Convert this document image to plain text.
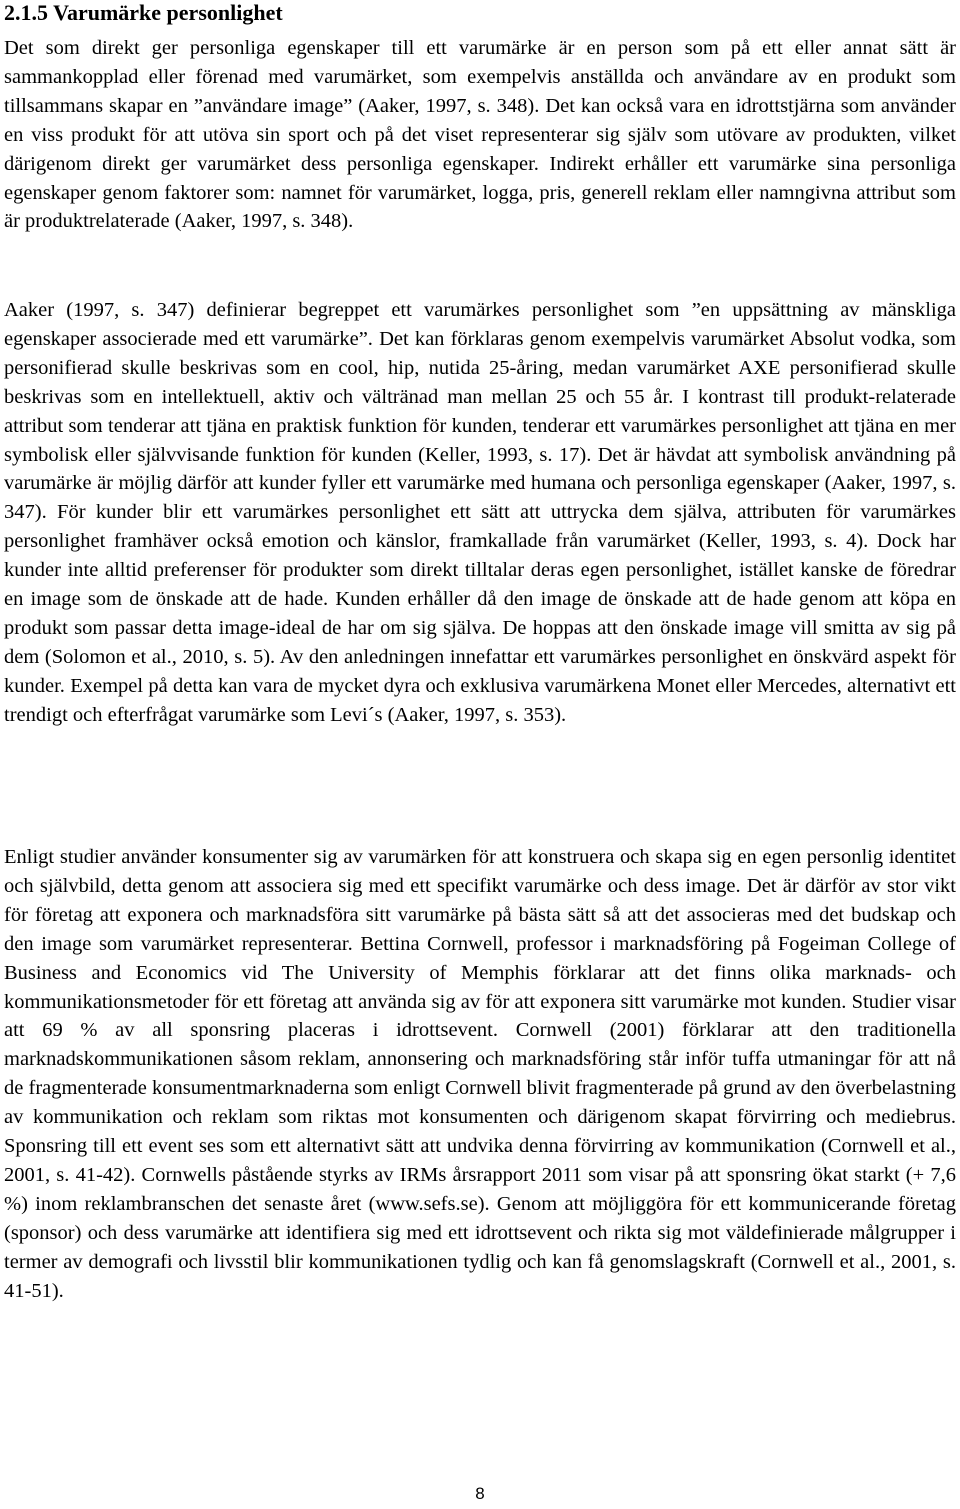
2.1.5 Varumärke personlighet

Det som direkt ger personliga egenskaper till ett varumärke är en person som på ett eller annat sätt är sammankopplad eller förenad med varumärket, som exempelvis anställda och användare av en produkt som tillsammans skapar en ”användare image” (Aaker, 1997, s. 348). Det kan också vara en idrottstjärna som använder en viss produkt för att utöva sin sport och på det viset representerar sig själv som utövare av produkten, vilket därigenom direkt ger varumärket dess personliga egenskaper. Indirekt erhåller ett varumärke sina personliga egenskaper genom faktorer som: namnet för varumärket, logga, pris, generell reklam eller namngivna attribut som är produktrelaterade (Aaker, 1997, s. 348).

Aaker (1997, s. 347) definierar begreppet ett varumärkes personlighet som ”en uppsättning av mänskliga egenskaper associerade med ett varumärke”. Det kan förklaras genom exempelvis varumärket Absolut vodka, som personifierad skulle beskrivas som en cool, hip, nutida 25-åring, medan varumärket AXE personifierad skulle beskrivas som en intellektuell, aktiv och vältränad man mellan 25 och 55 år. I kontrast till produkt-relaterade attribut som tenderar att tjäna en praktisk funktion för kunden, tenderar ett varumärkes personlighet att tjäna en mer symbolisk eller självvisande funktion för kunden (Keller, 1993, s. 17). Det är hävdat att symbolisk användning på varumärke är möjlig därför att kunder fyller ett varumärke med humana och personliga egenskaper (Aaker, 1997, s. 347). För kunder blir ett varumärkes personlighet ett sätt att uttrycka dem själva, attributen för varumärkes personlighet framhäver också emotion och känslor, framkallade från varumärket (Keller, 1993, s. 4). Dock har kunder inte alltid preferenser för produkter som direkt tilltalar deras egen personlighet, istället kanske de föredrar en image som de önskade att de hade. Kunden erhåller då den image de önskade att de hade genom att köpa en produkt som passar detta image-ideal de har om sig själva. De hoppas att den önskade image vill smitta av sig på dem (Solomon et al., 2010, s. 5). Av den anledningen innefattar ett varumärkes personlighet en önskvärd aspekt för kunder. Exempel på detta kan vara de mycket dyra och exklusiva varumärkena Monet eller Mercedes, alternativt ett trendigt och efterfrågat varumärke som Levi´s (Aaker, 1997, s. 353).

Enligt studier använder konsumenter sig av varumärken för att konstruera och skapa sig en egen personlig identitet och självbild, detta genom att associera sig med ett specifikt varumärke och dess image. Det är därför av stor vikt för företag att exponera och marknadsföra sitt varumärke på bästa sätt så att det associeras med det budskap och den image som varumärket representerar. Bettina Cornwell, professor i marknadsföring på Fogeiman College of Business and Economics vid The University of Memphis förklarar att det finns olika marknads- och kommunikationsmetoder för ett företag att använda sig av för att exponera sitt varumärke mot kunden. Studier visar att 69 % av all sponsring placeras i idrottsevent. Cornwell (2001) förklarar att den traditionella marknadskommunikationen såsom reklam, annonsering och marknadsföring står inför tuffa utmaningar för att nå de fragmenterade konsumentmarknaderna som enligt Cornwell blivit fragmenterade på grund av den överbelastning av kommunikation och reklam som riktas mot konsumenten och därigenom skapat förvirring och mediebrus. Sponsring till ett event ses som ett alternativt sätt att undvika denna förvirring av kommunikation (Cornwell et al., 2001, s. 41-42). Cornwells påstående styrks av IRMs årsrapport 2011 som visar på att sponsring ökat starkt (+ 7,6 %) inom reklambranschen det senaste året (www.sefs.se). Genom att möjliggöra för ett kommunicerande företag (sponsor) och dess varumärke att identifiera sig med ett idrottsevent och rikta sig mot väldefinierade målgrupper i termer av demografi och livsstil blir kommunikationen tydlig och kan få genomslagskraft (Cornwell et al., 2001, s. 41-51).

8
